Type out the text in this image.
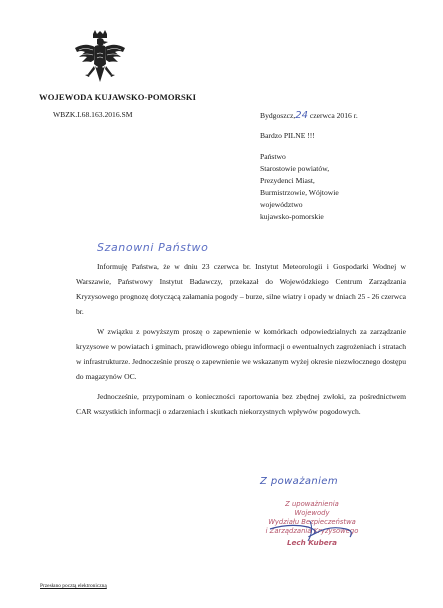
WOJEWODA KUJAWSKO-POMORSKI
WBZK.I.68.163.2016.SM	Bydgoszcz,24 czerwca 2016 r.
Bardzo PILNE !!!
Państwo
Starostowie powiatów,
Prezydenci Miast,
Burmistrzowie, Wójtowie
województwo
kujawsko-pomorskie
Szanowni Państwo

Informuję Państwa, że w dniu 23 czerwca br. Instytut Meteorologii i Gospodarki Wodnej w Warszawie, Państwowy Instytut Badawczy, przekazał do Wojewódzkiego Centrum Zarządzania Kryzysowego prognozę dotyczącą załamania pogody – burze, silne wiatry i opady w dniach 25 - 26 czerwca br.

W związku z powyższym proszę o zapewnienie w komórkach odpowiedzialnych za zarządzanie kryzysowe w powiatach i gminach, prawidłowego obiegu informacji o ewentualnych zagrożeniach i stratach w infrastrukturze. Jednocześnie proszę o zapewnienie we wskazanym wyżej okresie niezwłocznego dostępu do magazynów OC.

Jednocześnie, przypominam o konieczności raportowania bez zbędnej zwłoki, za pośrednictwem CAR wszystkich informacji o zdarzeniach i skutkach niekorzystnych wpływów pogodowych.

Z poważaniem
Z upoważnienia
Wojewody
Wydziału Bezpieczeństwa
i Zarządzania Kryzysowego
Lech Kubera
Przesłano pocztą elektroniczną
